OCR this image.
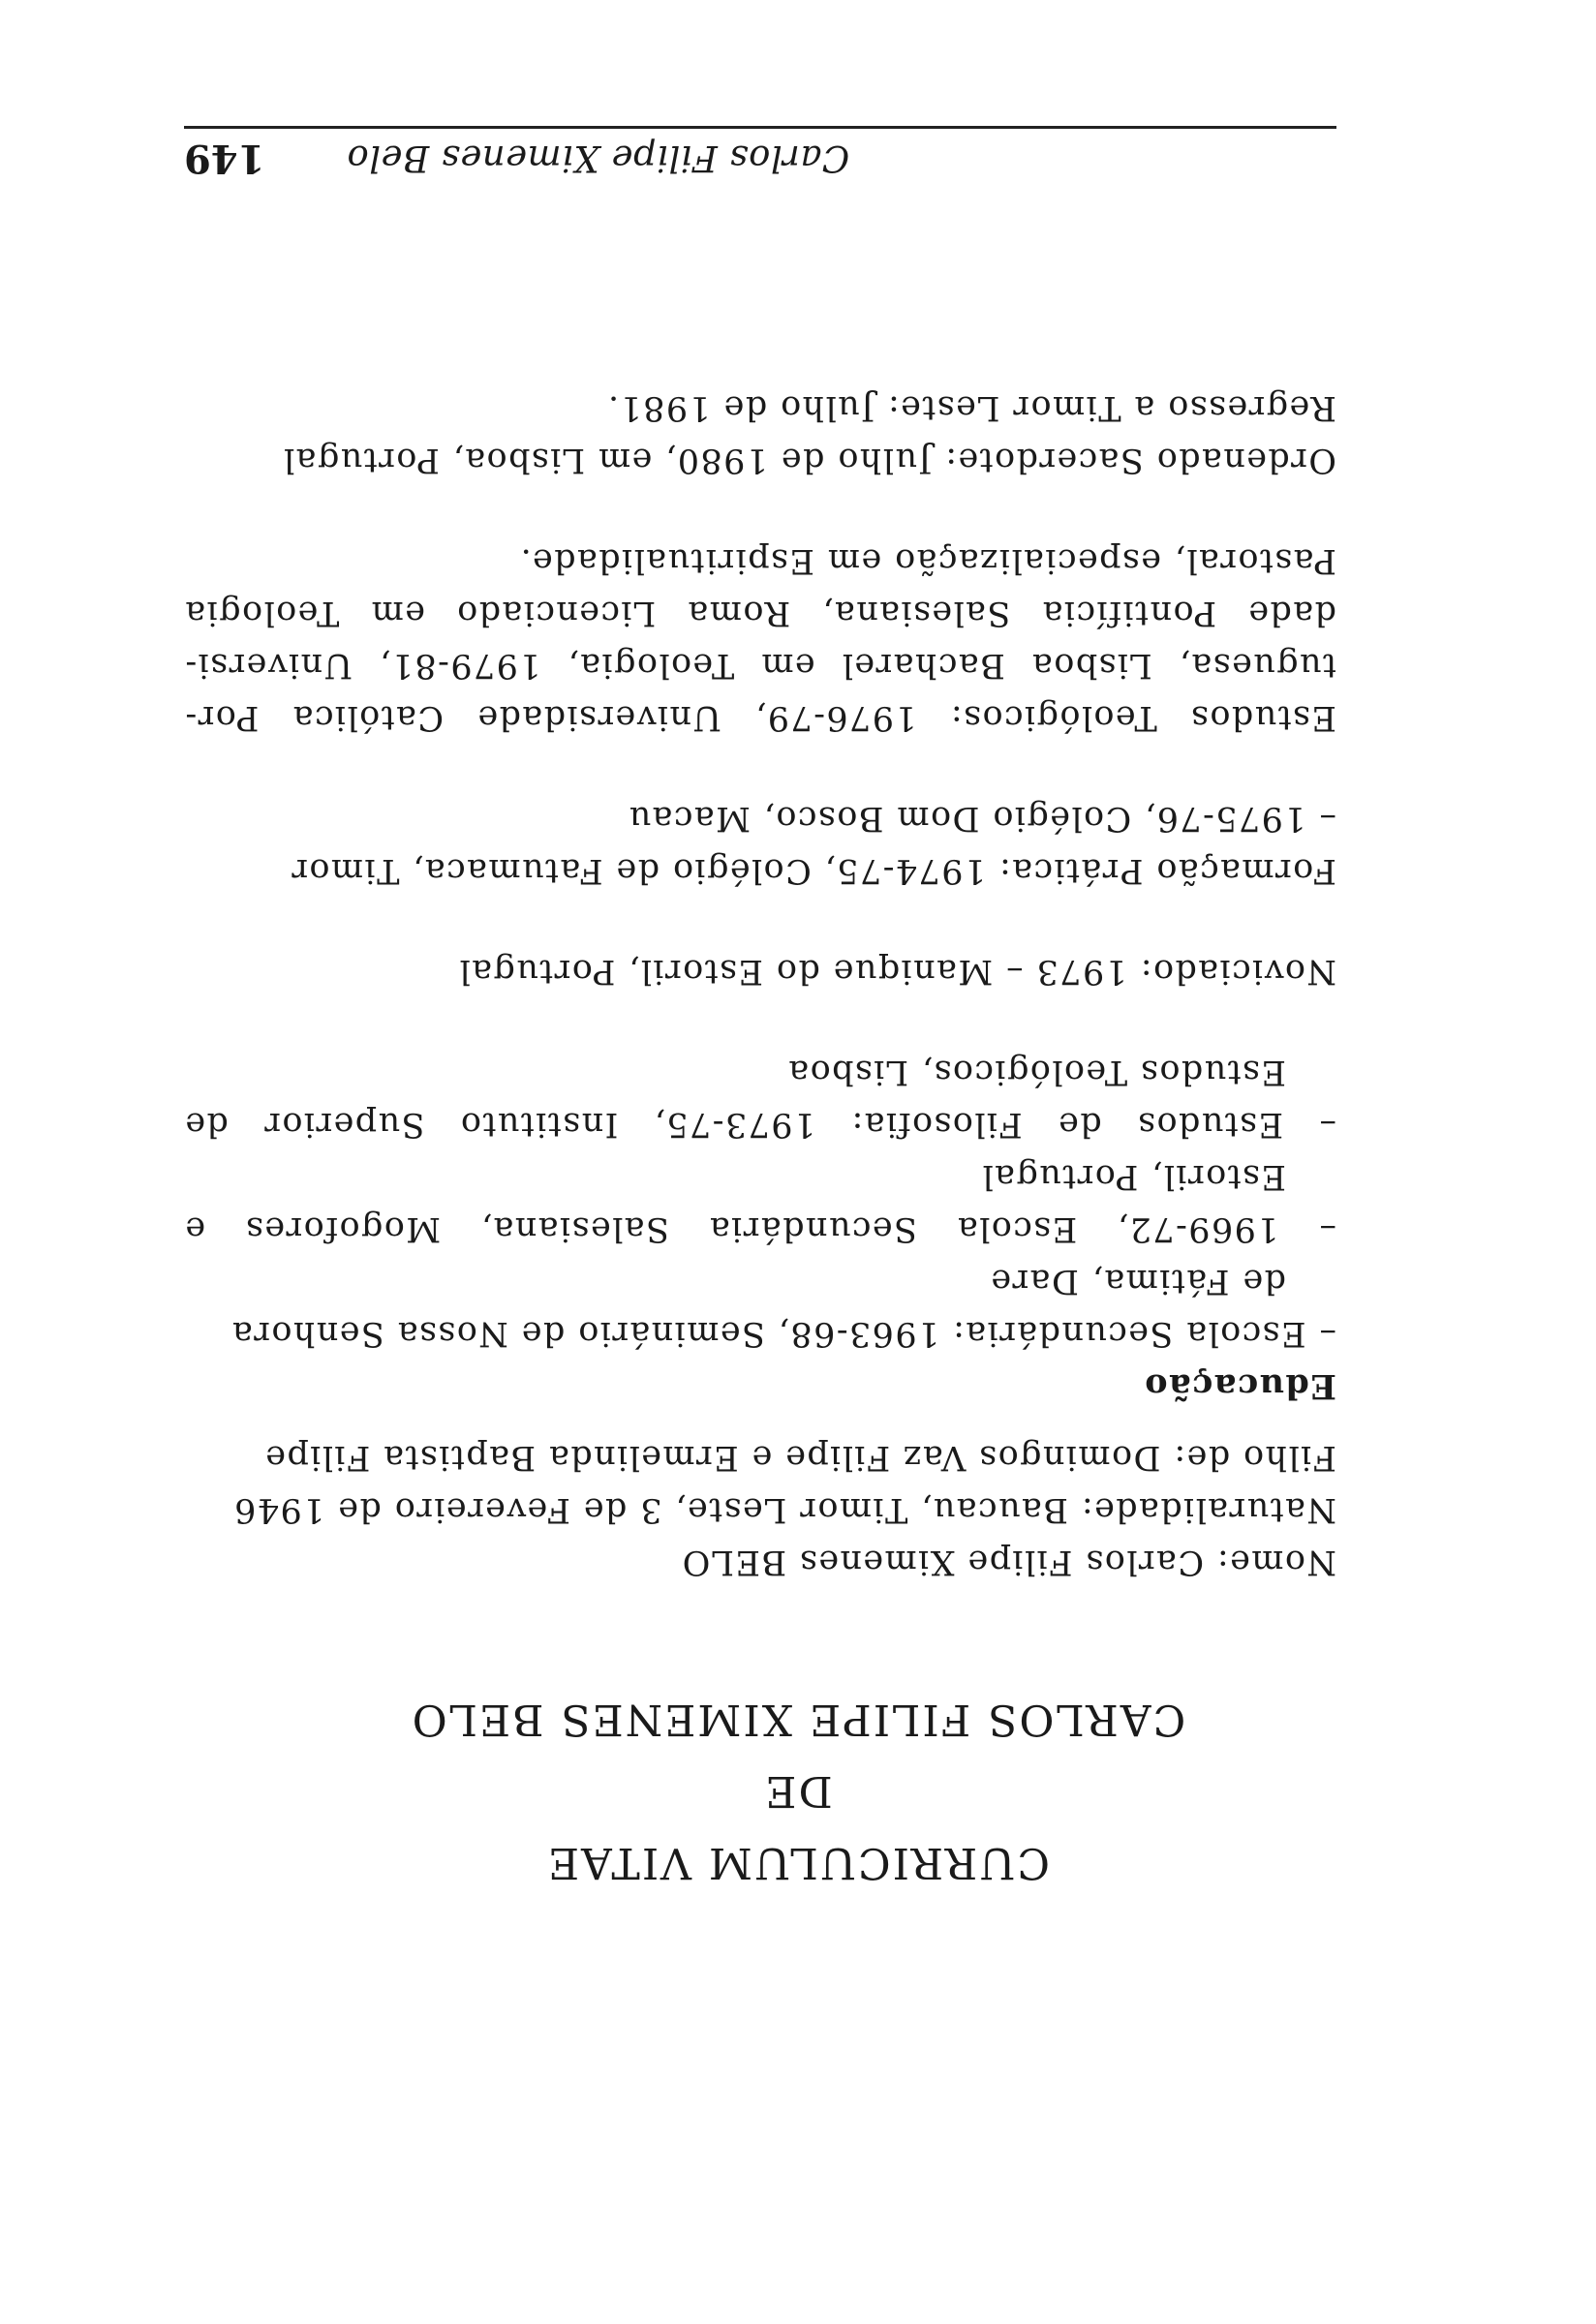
Carlos Filipe Ximenes Belo
149
CURRICULUM VITAE
DE
CARLOS FILIPE XIMENES BELO

Nome: Carlos Filipe Ximenes BELO

Naturalidade: Baucau, Timor Leste, 3 de Fevereiro de 1946

Filho de: Domingos Vaz Filipe e Ermelinda Baptista Filipe

Educação

– Escola Secundária: 1963-68, Seminário de Nossa Senhora

de Fátima, Dare

– 1969-72, Escola Secundária Salesiana, Mogofores e

Estoril, Portugal

– Estudos de Filosofia: 1973-75, Instituto Superior de

Estudos Teológicos, Lisboa

Noviciado: 1973 – Manique do Estoril, Portugal

Formação Prática: 1974-75, Colégio de Fatumaca, Timor

– 1975-76, Colégio Dom Bosco, Macau

Estudos Teológicos: 1976-79, Universidade Católica Por-

tuguesa, Lisboa Bacharel em Teologia, 1979-81, Universi-

dade Pontifícia Salesiana, Roma Licenciado em Teologia

Pastoral, especialização em Espiritualidade.

Ordenado Sacerdote: Julho de 1980, em Lisboa, Portugal

Regresso a Timor Leste: Julho de 1981.
